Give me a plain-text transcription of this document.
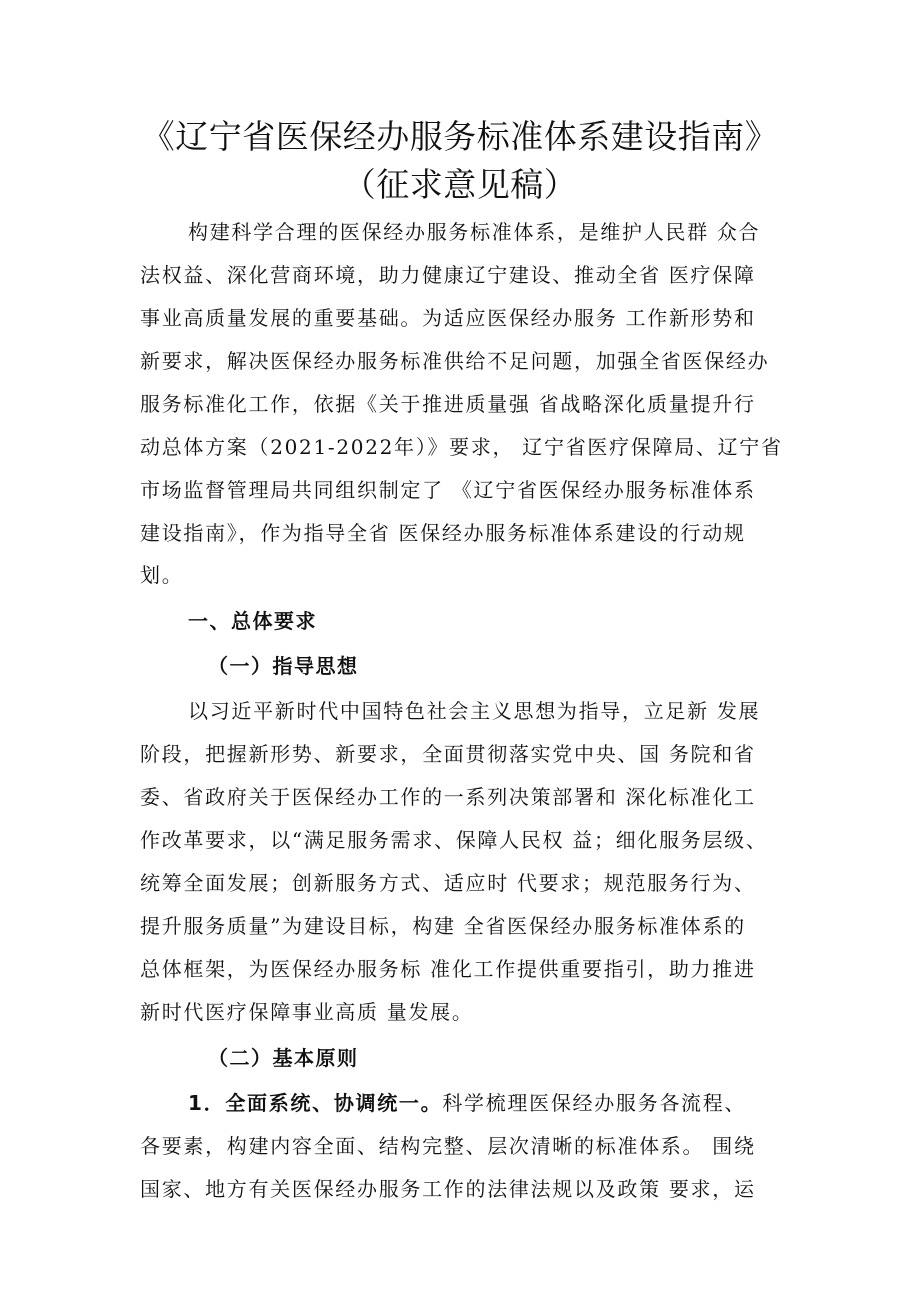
《辽宁省医保经办服务标准体系建设指南》
（征求意见稿）
构建科学合理的医保经办服务标准体系，是维护人民群 众合
法权益、深化营商环境，助力健康辽宁建设、推动全省 医疗保障
事业高质量发展的重要基础。为适应医保经办服务 工作新形势和
新要求，解决医保经办服务标准供给不足问题，加强全省医保经办
服务标准化工作，依据《关于推进质量强 省战略深化质量提升行
动总体方案（2021-2022年）》要求， 辽宁省医疗保障局、辽宁省
市场监督管理局共同组织制定了 《辽宁省医保经办服务标准体系
建设指南》，作为指导全省 医保经办服务标准体系建设的行动规
划。
一、总体要求
（一）指导思想
以习近平新时代中国特色社会主义思想为指导，立足新 发展
阶段，把握新形势、新要求，全面贯彻落实党中央、国 务院和省
委、省政府关于医保经办工作的一系列决策部署和 深化标准化工
作改革要求，以“满足服务需求、保障人民权 益；细化服务层级、
统筹全面发展；创新服务方式、适应时 代要求；规范服务行为、
提升服务质量”为建设目标，构建 全省医保经办服务标准体系的
总体框架，为医保经办服务标 准化工作提供重要指引，助力推进
新时代医疗保障事业高质 量发展。
（二）基本原则
1．全面系统、协调统一。科学梳理医保经办服务各流程、
各要素，构建内容全面、结构完整、层次清晰的标准体系。 围绕
国家、地方有关医保经办服务工作的法律法规以及政策 要求，运
